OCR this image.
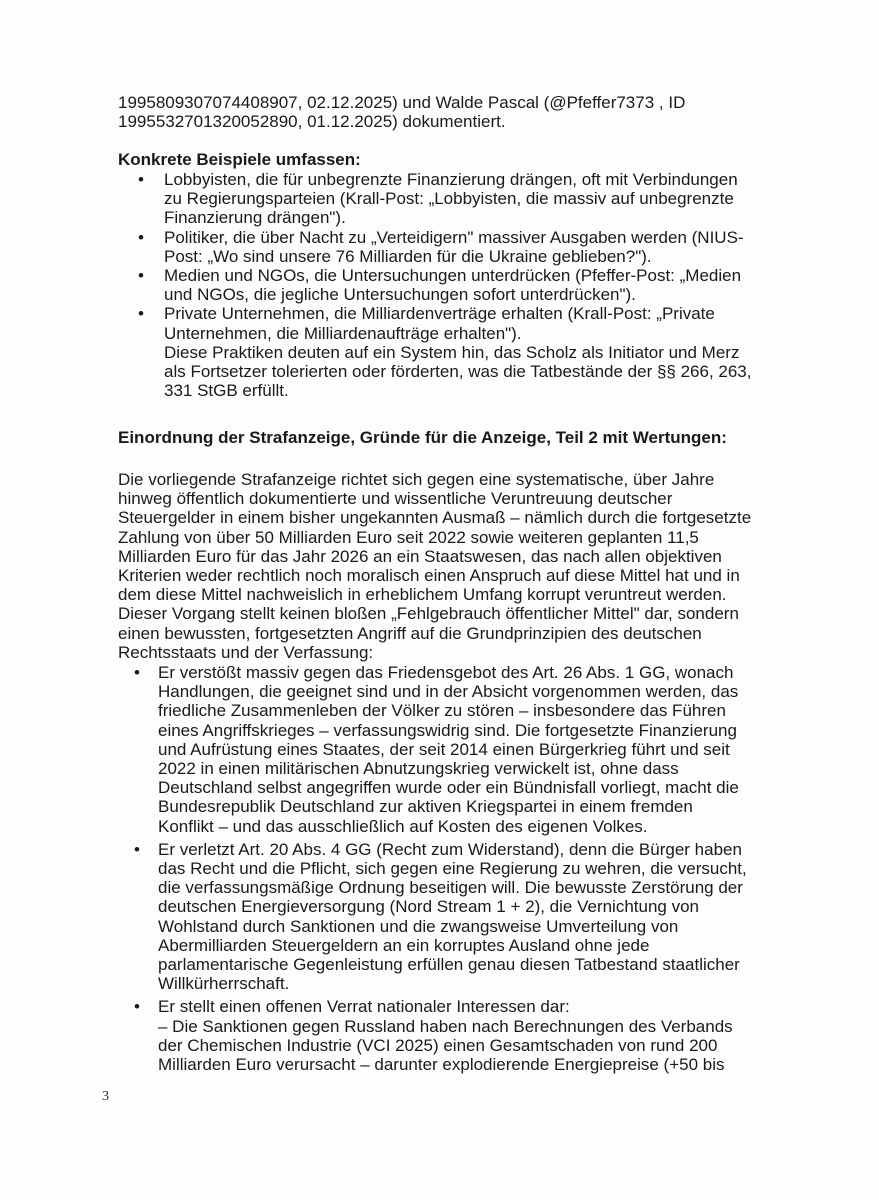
1995809307074408907, 02.12.2025) und Walde Pascal (@Pfeffer7373 , ID
1995532701320052890, 01.12.2025) dokumentiert.
Konkrete Beispiele umfassen:
• Lobbyisten, die für unbegrenzte Finanzierung drängen, oft mit Verbindungen
zu Regierungsparteien (Krall-Post: „Lobbyisten, die massiv auf unbegrenzte
Finanzierung drängen").
• Politiker, die über Nacht zu „Verteidigern" massiver Ausgaben werden (NIUS-
Post: „Wo sind unsere 76 Milliarden für die Ukraine geblieben?").
• Medien und NGOs, die Untersuchungen unterdrücken (Pfeffer-Post: „Medien
und NGOs, die jegliche Untersuchungen sofort unterdrücken").
• Private Unternehmen, die Milliardenverträge erhalten (Krall-Post: „Private
Unternehmen, die Milliardenaufträge erhalten").
Diese Praktiken deuten auf ein System hin, das Scholz als Initiator und Merz
als Fortsetzer tolerierten oder förderten, was die Tatbestände der §§ 266, 263,
331 StGB erfüllt.
Einordnung der Strafanzeige, Gründe für die Anzeige, Teil 2 mit Wertungen:
Die vorliegende Strafanzeige richtet sich gegen eine systematische, über Jahre
hinweg öffentlich dokumentierte und wissentliche Veruntreuung deutscher
Steuergelder in einem bisher ungekannten Ausmaß – nämlich durch die fortgesetzte
Zahlung von über 50 Milliarden Euro seit 2022 sowie weiteren geplanten 11,5
Milliarden Euro für das Jahr 2026 an ein Staatswesen, das nach allen objektiven
Kriterien weder rechtlich noch moralisch einen Anspruch auf diese Mittel hat und in
dem diese Mittel nachweislich in erheblichem Umfang korrupt veruntreut werden.
Dieser Vorgang stellt keinen bloßen „Fehlgebrauch öffentlicher Mittel" dar, sondern
einen bewussten, fortgesetzten Angriff auf die Grundprinzipien des deutschen
Rechtsstaats und der Verfassung:
• Er verstößt massiv gegen das Friedensgebot des Art. 26 Abs. 1 GG, wonach
Handlungen, die geeignet sind und in der Absicht vorgenommen werden, das
friedliche Zusammenleben der Völker zu stören – insbesondere das Führen
eines Angriffskrieges – verfassungswidrig sind. Die fortgesetzte Finanzierung
und Aufrüstung eines Staates, der seit 2014 einen Bürgerkrieg führt und seit
2022 in einen militärischen Abnutzungskrieg verwickelt ist, ohne dass
Deutschland selbst angegriffen wurde oder ein Bündnisfall vorliegt, macht die
Bundesrepublik Deutschland zur aktiven Kriegspartei in einem fremden
Konflikt – und das ausschließlich auf Kosten des eigenen Volkes.
• Er verletzt Art. 20 Abs. 4 GG (Recht zum Widerstand), denn die Bürger haben
das Recht und die Pflicht, sich gegen eine Regierung zu wehren, die versucht,
die verfassungsmäßige Ordnung beseitigen will. Die bewusste Zerstörung der
deutschen Energieversorgung (Nord Stream 1 + 2), die Vernichtung von
Wohlstand durch Sanktionen und die zwangsweise Umverteilung von
Abermilliarden Steuergeldern an ein korruptes Ausland ohne jede
parlamentarische Gegenleistung erfüllen genau diesen Tatbestand staatlicher
Willkürherrschaft.
• Er stellt einen offenen Verrat nationaler Interessen dar:
– Die Sanktionen gegen Russland haben nach Berechnungen des Verbands
der Chemischen Industrie (VCI 2025) einen Gesamtschaden von rund 200
Milliarden Euro verursacht – darunter explodierende Energiepreise (+50 bis
3
